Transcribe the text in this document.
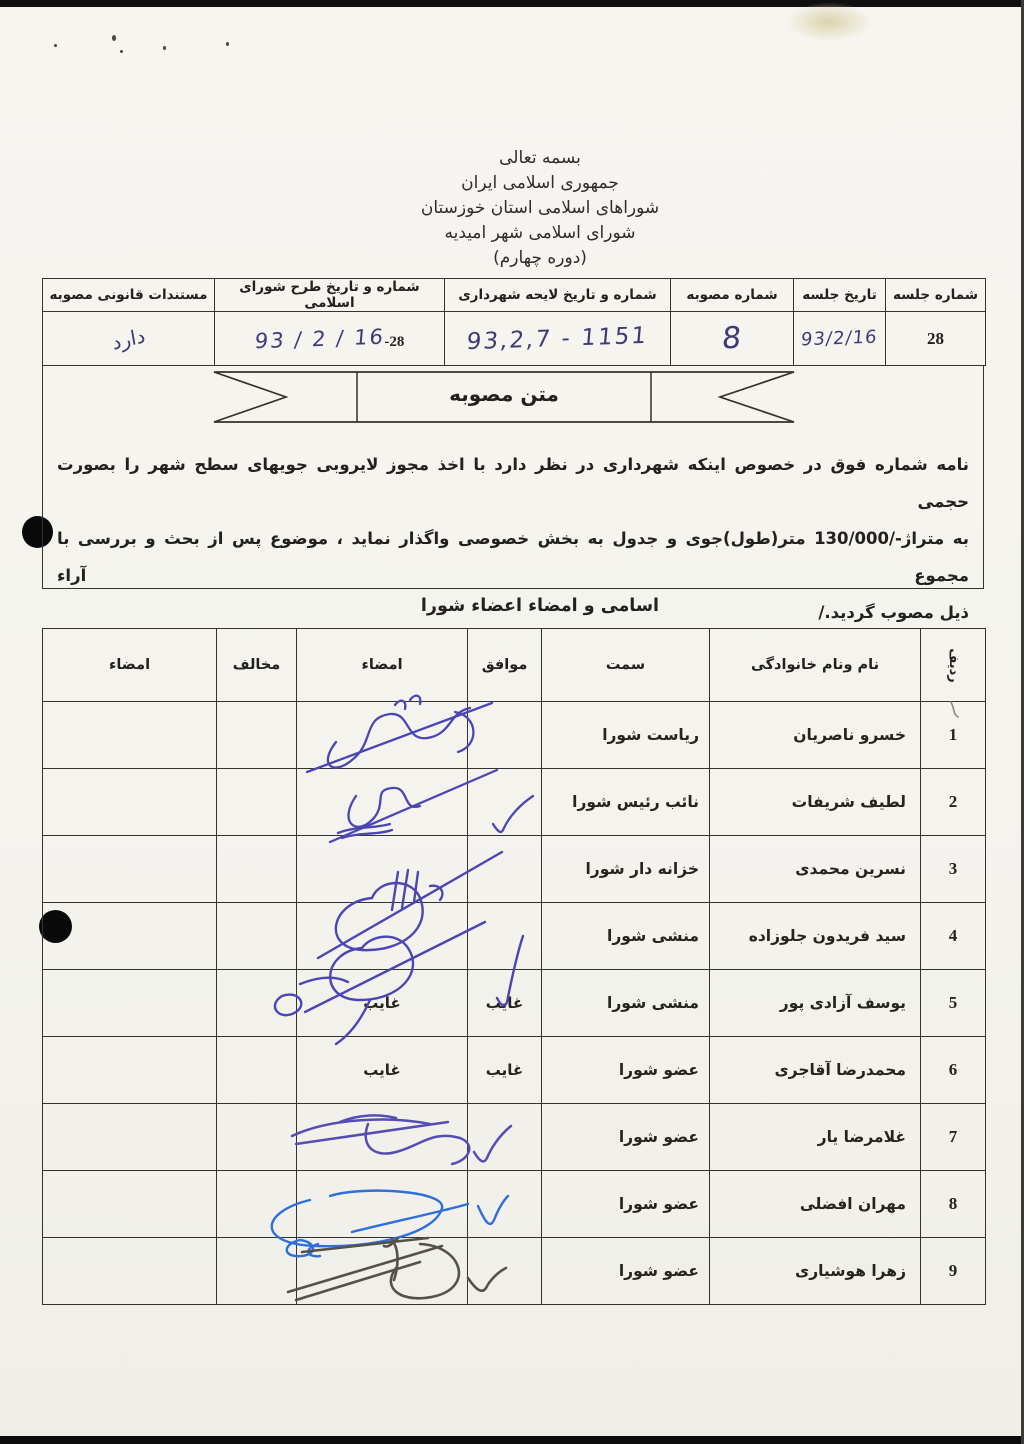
بسمه تعالی
جمهوری اسلامی ایران
شوراهای اسلامی استان خوزستان
شورای اسلامی شهر امیدیه
(دوره چهارم)
شماره جلسه	تاریخ جلسه	شماره مصوبه	شماره و تاریخ لایحه شهرداری	شماره و تاریخ طرح شورای اسلامی	مستندات قانونی مصوبه
28	93/2/16	8	93,2,7 - 1151	93 / 2 / 16-28	دارد
متن مصوبه
نامه شماره فوق در خصوص اینکه شهرداری در نظر دارد با اخذ مجوز لایروبی جویهای سطح شهر را بصورت حجمی
به متراژ-/130/000 متر(طول)جوی و جدول به بخش خصوصی واگذار نماید ، موضوع پس از بحث و بررسی با مجموع آراء
ذیل مصوب گردید./
اسامی و امضاء اعضاء شورا
ردیف	نام ونام خانوادگی	سمت	موافق	امضاء	مخالف	امضاء
1	خسرو ناصریان	ریاست شورا				
2	لطیف شریفات	نائب رئیس شورا				
3	نسرین محمدی	خزانه دار شورا				
4	سید فریدون جلوزاده	منشی شورا				
5	یوسف آزادی پور	منشی شورا	غایب	غایب		
6	محمدرضا آقاجری	عضو شورا	غایب	غایب		
7	غلامرضا یار	عضو شورا				
8	مهران افضلی	عضو شورا				
9	زهرا هوشیاری	عضو شورا				
